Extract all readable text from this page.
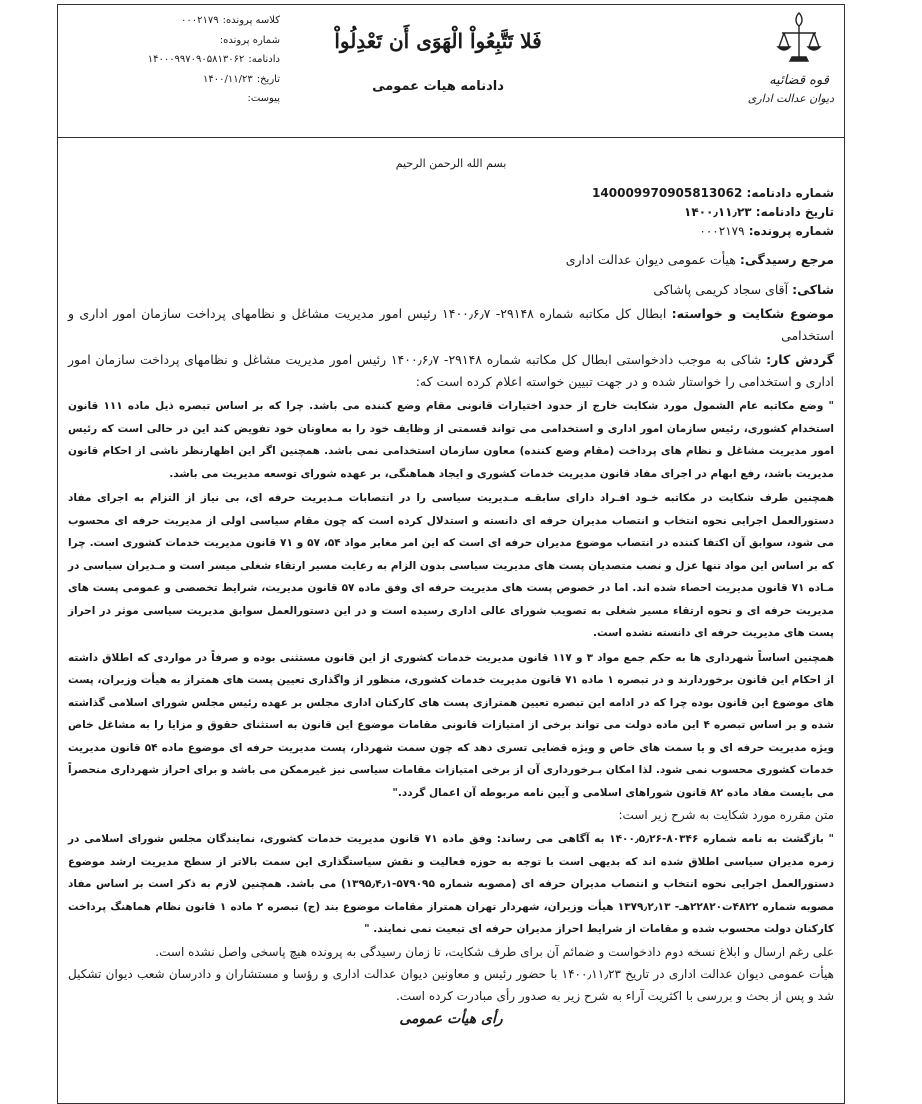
قوه قضائیه
دیوان عدالت اداری
فَلا تَتَّبِعُواْ الْهَوَى أَن تَعْدِلُواْ
دادنامه هیات عمومی
کلاسه پرونده:
۰۰۰۲۱۷۹
شماره پرونده:
دادنامه:
۱۴۰۰۰۹۹۷۰۹۰۵۸۱۳۰۶۲
تاریخ:
۱۴۰۰/۱۱/۲۳
پیوست:
بسم الله الرحمن الرحیم
شماره دادنامه: 140009970905813062
تاریخ دادنامه: ۱۴۰۰٫۱۱٫۲۳
شماره پرونده: ۰۰۰۲۱۷۹
مرجع رسیدگی: هیأت عمومی دیوان عدالت اداری
شاکی: آقای سجاد کریمی پاشاکی
موضوع شکایت و خواسته: ابطال کل مکاتبه شماره ۲۹۱۴۸- ۱۴۰۰٫۶٫۷ رئیس امور مدیریت مشاغل و نظامهای پرداخت سازمان امور اداری و استخدامی
گردش کار: شاکی به موجب دادخواستی ابطال کل مکاتبه شماره ۲۹۱۴۸- ۱۴۰۰٫۶٫۷ رئیس امور مدیریت مشاغل و نظامهای پرداخت سازمان امور اداری و استخدامی را خواستار شده و در جهت تبیین خواسته اعلام کرده است که:
" وضع مکاتبه عام الشمول مورد شکایت خارج از حدود اختیارات قانونی مقام وضع کننده می باشد. چرا که بر اساس تبصره ذیل ماده ۱۱۱ قانون استخدام کشوری، رئیس سازمان امور اداری و استخدامی می تواند قسمتی از وظایف خود را به معاونان خود تفویض کند این در حالی است که رئیس امور مدیریت مشاغل و نظام های پرداخت (مقام وضع کننده) معاون سازمان استخدامی نمی باشد. همچنین اگر این اظهارنظر ناشی از احکام قانون مدیریت باشد، رفع ابهام در اجرای مفاد قانون مدیریت خدمات کشوری و ایجاد هماهنگی، بر عهده شورای توسعه مدیریت می باشد.
همچنین طرف شکایت در مکاتبه خـود افـراد دارای سابقـه مـدیریت سیاسی را در انتصابات مـدیریت حرفه ای، بی نیاز از التزام به اجرای مفاد دستورالعمل اجرایی نحوه انتخاب و انتصاب مدیران حرفه ای دانسته و استدلال کرده است که چون مقام سیاسی اولی از مدیریت حرفه ای محسوب می شود، سوابق آن اکتفا کننده در انتصاب موضوع مدیران حرفه ای است که این امر مغایر مواد ۵۴، ۵۷ و ۷۱ قانون مدیریت خدمات کشوری است. چرا که بر اساس این مواد تنها عزل و نصب متصدیان پست های مدیریت سیاسی بدون الزام به رعایت مسیر ارتقاء شغلی میسر است و مـدیران سیاسی در مـاده ۷۱ قانون مدیریت احصاء شده اند. اما در خصوص پست های مدیریت حرفه ای وفق ماده ۵۷ قانون مدیریت، شرایط تخصصی و عمومی پست های مدیریت حرفه ای و نحوه ارتقاء مسیر شغلی به تصویب شورای عالی اداری رسیده است و در این دستورالعمل سوابق مدیریت سیاسی موثر در احراز پست های مدیریت حرفه ای دانسته نشده است.
همچنین اساساً شهرداری ها به حکم جمع مواد ۳ و ۱۱۷ قانون مدیریت خدمات کشوری از این قانون مستثنی بوده و صرفاً در مواردی که اطلاق داشته از احکام این قانون برخوردارند و در تبصره ۱ ماده ۷۱ قانون مدیریت خدمات کشوری، منظور از واگذاری تعیین پست های همتراز به هیأت وزیران، پست های موضوع این قانون بوده چرا که در ادامه این تبصره تعیین همترازی پست های کارکنان اداری مجلس بر عهده رئیس مجلس شورای اسلامی گذاشته شده و بر اساس تبصره ۴ این ماده دولت می تواند برخی از امتیازات قانونی مقامات موضوع این قانون به استثنای حقوق و مزایا را به مشاغل خاص ویژه مدیریت حرفه ای و یا سمت های خاص و ویژه قضایی تسری دهد که چون سمت شهردار، پست مدیریت حرفه ای موضوع ماده ۵۴ قانون مدیریت خدمات کشوری محسوب نمی شود. لذا امکان بـرخورداری آن از برخی امتیازات مقامات سیاسی نیز غیرممکن می باشد و برای احراز شهرداری منحصراً می بایست مفاد ماده ۸۲ قانون شوراهای اسلامی و آیین نامه مربوطه آن اعمال گردد."
متن مقرره مورد شکایت به شرح زیر است:
" بازگشت به نامه شماره ۸۰۳۴۶-۱۴۰۰٫۵٫۲۶ به آگاهی می رساند: وفق ماده ۷۱ قانون مدیریت خدمات کشوری، نمایندگان مجلس شورای اسلامی در زمره مدیران سیاسی اطلاق شده اند که بدیهی است با توجه به حوزه فعالیت و نقش سیاستگذاری این سمت بالاتر از سطح مدیریت ارشد موضوع دستورالعمل اجرایی نحوه انتخاب و انتصاب مدیران حرفه ای (مصوبه شماره ۵۷۹۰۹۵-۱۳۹۵٫۴٫۱) می باشد. همچنین لازم به ذکر است بر اساس مفاد مصوبه شماره ۴۸۲۲ت۲۲۸۲۰هـ- ۱۳۷۹٫۲٫۱۳ هیأت وزیران، شهردار تهران همتراز مقامات موضوع بند (ج) تبصره ۲ ماده ۱ قانون نظام هماهنگ پرداخت کارکنان دولت محسوب شده و مقامات از شرایط احراز مدیران حرفه ای تبعیت نمی نمایند. "
علی رغم ارسال و ابلاغ نسخه دوم دادخواست و ضمائم آن برای طرف شکایت، تا زمان رسیدگی به پرونده هیچ پاسخی واصل نشده است.
هیأت عمومی دیوان عدالت اداری در تاریخ ۱۴۰۰٫۱۱٫۲۳ با حضور رئیس و معاونین دیوان عدالت اداری و رؤسا و مستشاران و دادرسان شعب دیوان تشکیل شد و پس از بحث و بررسی با اکثریت آراء به شرح زیر به صدور رأی مبادرت کرده است.
رأی هیأت عمومی
